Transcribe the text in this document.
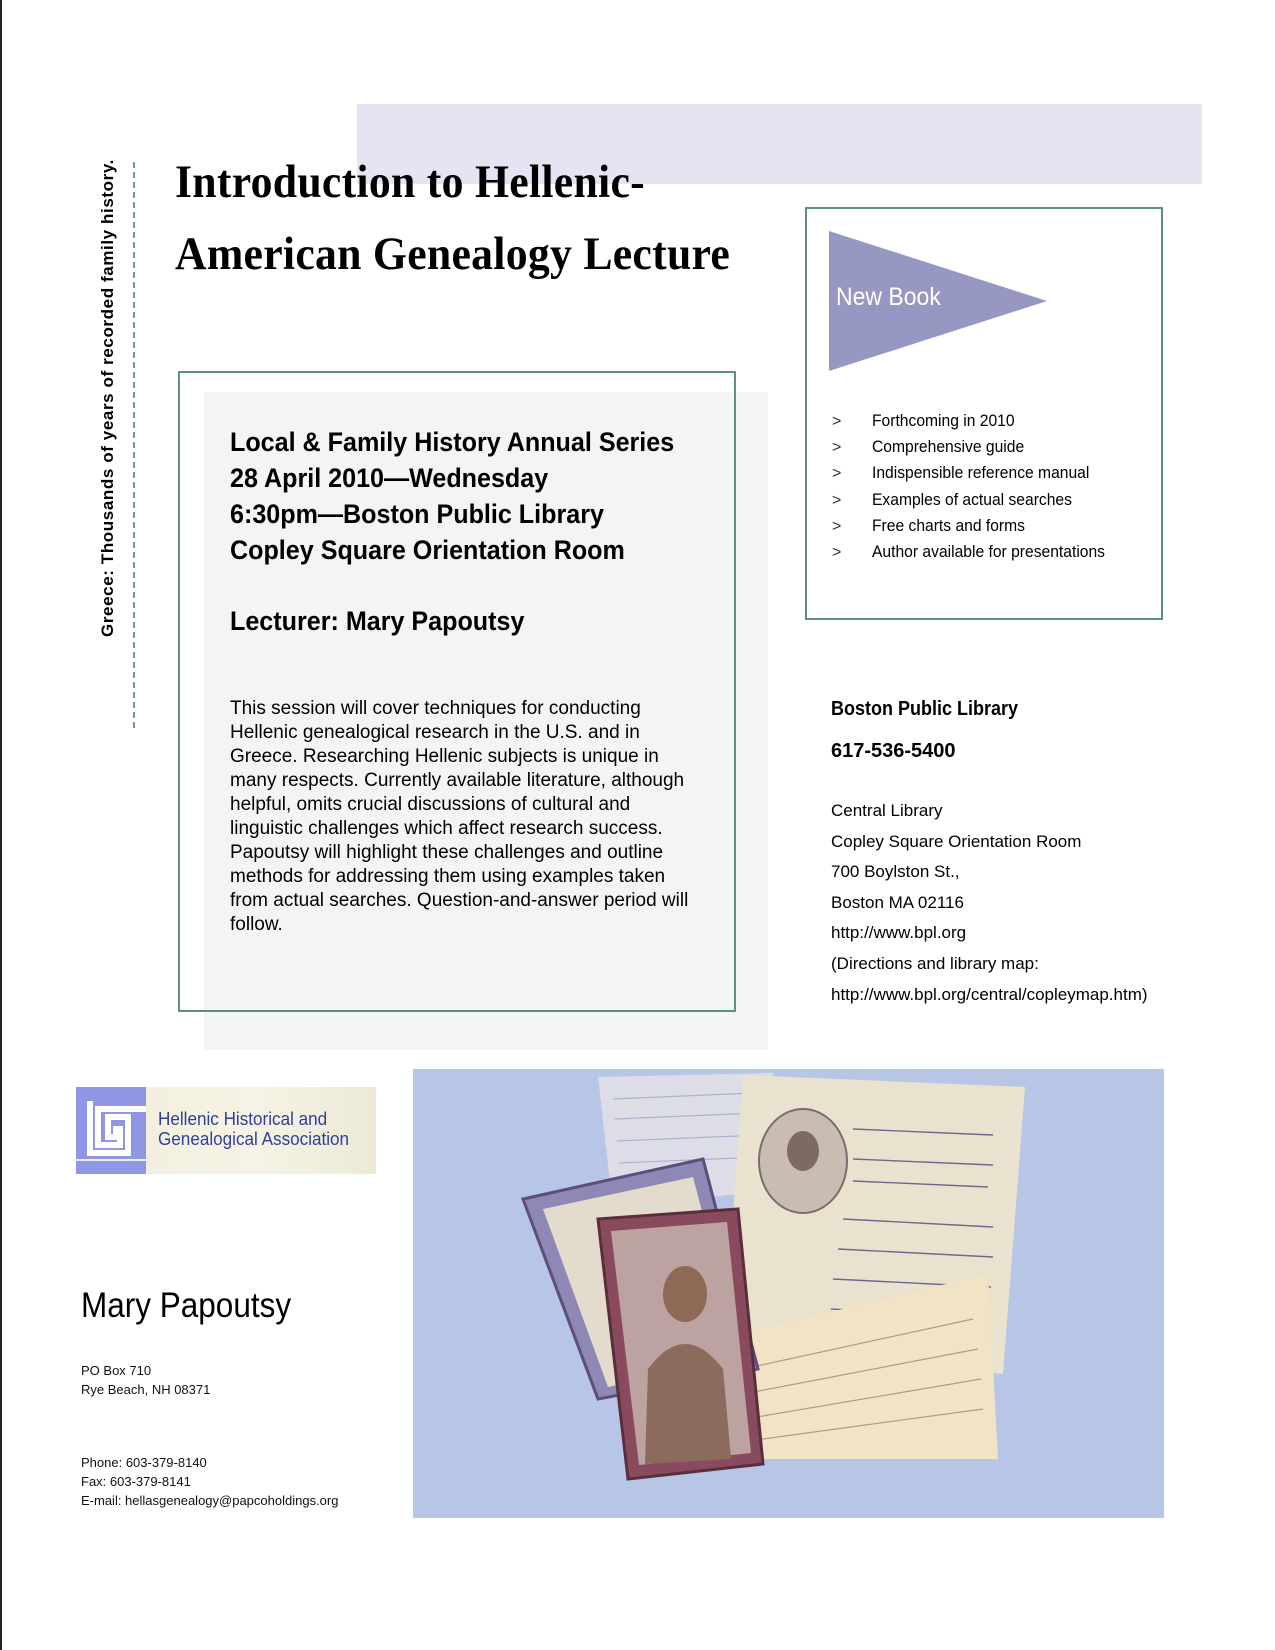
Greece: Thousands of years of recorded family history. Introduction to Hellenic-
American Genealogy Lecture
Local & Family History Annual Series
28 April 2010—Wednesday
6:30pm—Boston Public Library
Copley Square Orientation Room
Lecturer: Mary Papoutsy
This session will cover techniques for conducting Hellenic genealogical research in the U.S. and in Greece. Researching Hellenic subjects is unique in many respects. Currently available literature, although helpful, omits crucial discussions of cultural and linguistic challenges which affect research success. Papoutsy will highlight these challenges and outline methods for addressing them using examples taken from actual searches. Question-and-answer period will follow.
New Book
> Forthcoming in 2010
> Comprehensive guide
> Indispensible reference manual
> Examples of actual searches
> Free charts and forms
> Author available for presentations
Boston Public Library
617-536-5400
Central Library
Copley Square Orientation Room
700 Boylston St.,
Boston MA 02116
http://www.bpl.org
(Directions and library map:
http://www.bpl.org/central/copleymap.htm)
Hellenic Historical and
Genealogical Association
Mary Papoutsy
PO Box 710
Rye Beach, NH 08371
Phone: 603-379-8140
Fax: 603-379-8141
E-mail: hellasgenealogy@papcoholdings.org
